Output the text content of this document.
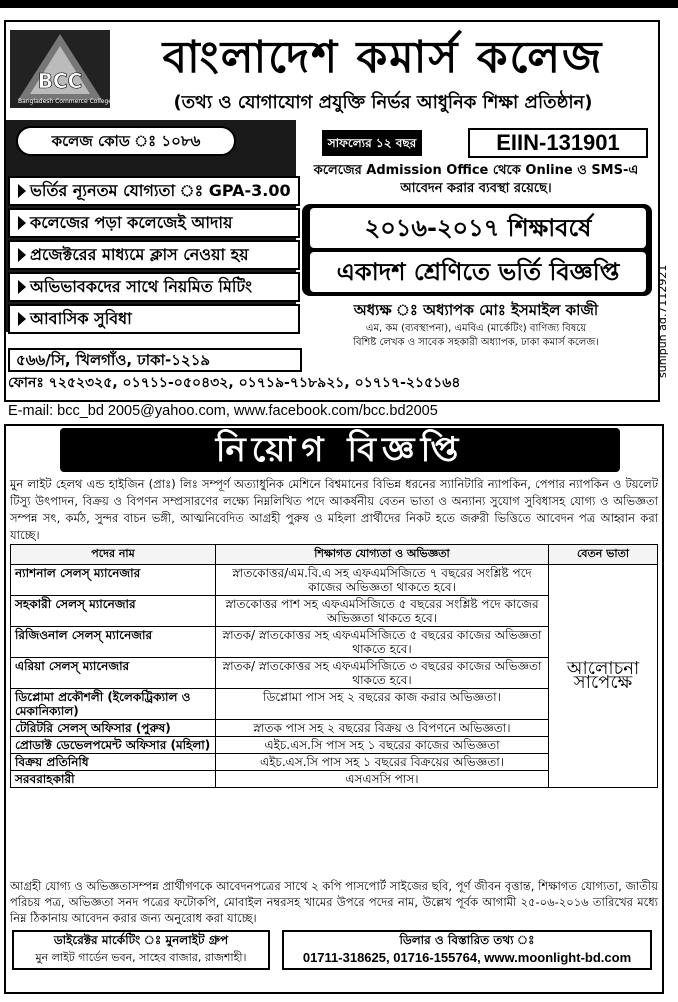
BCC
Bangladesh Commerce College
বাংলাদেশ কমার্স কলেজ
(তথ্য ও যোগাযোগ প্রযুক্তি নির্ভর আধুনিক শিক্ষা প্রতিষ্ঠান)
কলেজ কোড ঃ ১০৮৬	সাফল্যের ১২ বছর	EIIN-131901
ভর্তির ন্যূনতম যোগ্যতা ঃ GPA-3.00
কলেজের পড়া কলেজেই আদায়
প্রজেক্টরের মাধ্যমে ক্লাস নেওয়া হয়
অভিভাবকদের সাথে নিয়মিত মিটিং
আবাসিক সুবিধা
কলেজের Admission Office থেকে Online ও SMS-এ আবেদন করার ব্যবস্থা রয়েছে।
২০১৬-২০১৭ শিক্ষাবর্ষে
একাদশ শ্রেণিতে ভর্তি বিজ্ঞপ্তি
অধ্যক্ষ ঃ অধ্যাপক মোঃ ইসমাইল কাজী
এম, কম (ব্যবস্থাপনা), এমবিএ (মার্কেটিং) বাণিজ্য বিষয়ে
বিশিষ্ট লেখক ও সাবেক সহকারী অধ্যাপক, ঢাকা কমার্স কলেজ।
৫৬৬/সি, খিলগাঁও, ঢাকা-১২১৯
ফোনঃ ৭২৫২৩২৫, ০১৭১১-০৫০৪৩২, ০১৭১৯-৭১৮৯২১, ০১৭১৭-২১৫১৬৪
E-mail: bcc_bd 2005@yahoo.com, www.facebook.com/bcc.bd2005
sunipun ad.7112921
নিয়োগ বিজ্ঞপ্তি
মুন লাইট হেলথ এন্ড হাইজিন (প্রাঃ) লিঃ সম্পূর্ণ অত্যাধুনিক মেশিনে বিশ্বমানের বিভিন্ন ধরনের স্যানিটারি ন্যাপকিন, পেপার ন্যাপকিন ও টয়লেট টিস্যু উৎপাদন, বিক্রয় ও বিপণন সম্প্রসারণের লক্ষ্যে নিম্নলিখিত পদে আকর্ষনীয় বেতন ভাতা ও অন্যান্য সুযোগ সুবিধাসহ যোগ্য ও অভিজ্ঞতা সম্পন্ন সৎ, কর্মঠ, সুন্দর বাচন ভঙ্গী, আত্মনিবেদিত আগ্রহী পুরুষ ও মহিলা প্রার্থীদের নিকট হতে জরুরী ভিত্তিতে আবেদন পত্র আহ্বান করা যাচ্ছে।
পদের নাম	শিক্ষাগত যোগ্যতা ও অভিজ্ঞতা	বেতন ভাতা
ন্যাশনাল সেলস্ ম্যানেজার	স্নাতকোত্তর/এম.বি.এ সহ এফএমসিজিতে ৭ বছরের সংশ্লিষ্ট পদে কাজের অভিজ্ঞতা থাকতে হবে।	আলোচনা সাপেক্ষে
সহকারী সেলস্ ম্যানেজার	স্নাতকোত্তর পাশ সহ এফএমসিজিতে ৫ বছরের সংশ্লিষ্ট পদে কাজের অভিজ্ঞতা থাকতে হবে।	
রিজিওনাল সেলস্ ম্যানেজার	স্নাতক/ স্নাতকোত্তর সহ এফএমসিজিতে ৫ বছরের কাজের অভিজ্ঞতা থাকতে হবে।	
এরিয়া সেলস্ ম্যানেজার	স্নাতক/ স্নাতকোত্তর সহ এফএমসিজিতে ৩ বছরের কাজের অভিজ্ঞতা থাকতে হবে।	
ডিপ্লোমা প্রকৌশলী (ইলেকট্রিক্যাল ও মেকানিক্যাল)	ডিপ্লোমা পাস সহ ২ বছরের কাজ করার অভিজ্ঞতা।	
টেরিটরি সেলস্ অফিসার (পুরুষ)	স্নাতক পাস সহ ২ বছরের বিক্রয় ও বিপণনে অভিজ্ঞতা।	
প্রোডাক্ট ডেভেলপমেন্ট অফিসার (মহিলা)	এইচ.এস.সি পাস সহ ১ বছরের কাজের অভিজ্ঞতা	
বিক্রয় প্রতিনিধি	এইচ.এস.সি পাস সহ ১ বছরের বিক্রয়ের অভিজ্ঞতা।	
সরবরাহকারী	এসএসসি পাস।	
আগ্রহী যোগ্য ও অভিজ্ঞতাসম্পন্ন প্রার্থীগণকে আবেদনপত্রের সাথে ২ কপি পাসপোর্ট সাইজের ছবি, পূর্ণ জীবন বৃত্তান্ত, শিক্ষাগত যোগ্যতা, জাতীয় পরিচয় পত্র, অভিজ্ঞতা সনদ পত্রের ফটোকপি, মোবাইল নম্বরসহ খামের উপরে পদের নাম, উল্লেখ পূর্বক আগামী ২৫-০৬-২০১৬ তারিখের মধ্যে নিম্ন ঠিকানায় আবেদন করার জন্য অনুরোধ করা যাচ্ছে।
ডাইরেক্টর মার্কেটিং ঃ মুনলাইট গ্রুপ
মুন লাইট গার্ডেন ভবন, সাহেব বাজার, রাজশাহী।
ডিলার ও বিস্তারিত তথ্য ঃ
01711-318625, 01716-155764, www.moonlight-bd.com
